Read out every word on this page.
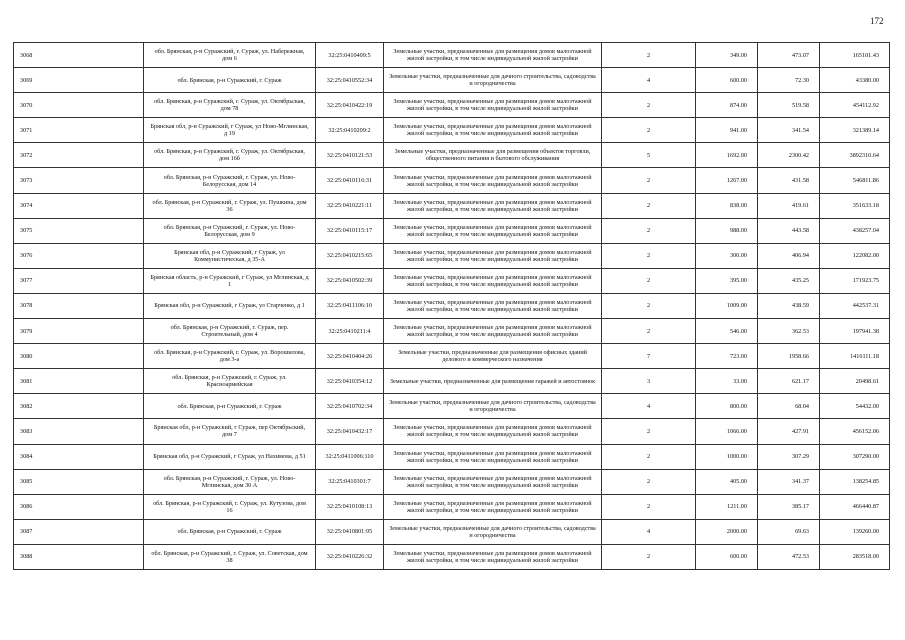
172
3068	обл. Брянская, р-н Суражский, г. Сураж, ул. Набережная, дом 6	32:25:0410409:5	Земельные участки, предназначенные для размещения домов малоэтажной жилой застройки, в том числе индивидуальной жилой застройки	2	349.00	473.07	165101.43
3069	обл. Брянская, р-н Суражский, г. Сураж	32:25:0410552:34	Земельные участки, предназначенные для дачного строительства, садоводства и огородничества	4	600.00	72.30	43380.00
3070	обл. Брянская, р-н Суражский, г. Сураж, ул. Октябрьская, дом 78	32:25:0410422:19	Земельные участки, предназначенные для размещения домов малоэтажной жилой застройки, в том числе индивидуальной жилой застройки	2	874.00	519.58	454112.92
3071	Брянская обл, р-н Суражский, г Сураж, ул Ново-Мглинская, д 19	32:25:0410209:2	Земельные участки, предназначенные для размещения домов малоэтажной жилой застройки, в том числе индивидуальной жилой застройки	2	941.00	341.54	321389.14
3072	обл. Брянская, р-н Суражский, г. Сураж, ул. Октябрьская, дом 16б	32:25:0410121:53	Земельные участки, предназначенные для размещения объектов торговли, общественного питания и бытового обслуживания	5	1692.00	2300.42	3892310.64
3073	обл. Брянская, р-н Суражский, г. Сураж, ул. Ново-Белорусская, дом 14	32:25:0410116:31	Земельные участки, предназначенные для размещения домов малоэтажной жилой застройки, в том числе индивидуальной жилой застройки	2	1267.00	431.58	546811.86
3074	обл. Брянская, р-н Суражский, г. Сураж, ул. Пушкина, дом 36	32:25:0410221:11	Земельные участки, предназначенные для размещения домов малоэтажной жилой застройки, в том числе индивидуальной жилой застройки	2	838.00	419.61	351633.18
3075	обл. Брянская, р-н Суражский, г. Сураж, ул. Ново-Белорусская, дом 9	32:25:0410115:17	Земельные участки, предназначенные для размещения домов малоэтажной жилой застройки, в том числе индивидуальной жилой застройки	2	988.00	443.58	438257.04
3076	Брянская обл, р-н Суражский, г Сураж, ул Коммунистическая, д 35-А	32:25:0410215:65	Земельные участки, предназначенные для размещения домов малоэтажной жилой застройки, в том числе индивидуальной жилой застройки	2	300.00	406.94	122082.00
3077	Брянская область, р-н Суражский, г Сураж, ул Мглинская, д 1	32:25:0410502:39	Земельные участки, предназначенные для размещения домов малоэтажной жилой застройки, в том числе индивидуальной жилой застройки	2	395.00	435.25	171923.75
3078	Брянская обл, р-н Суражский, г Сураж, ул Старченко, д 1	32:25:0411106:10	Земельные участки, предназначенные для размещения домов малоэтажной жилой застройки, в том числе индивидуальной жилой застройки	2	1009.00	438.59	442537.31
3079	обл. Брянская, р-н Суражский, г. Сураж, пер. Строительный, дом 4	32:25:0410211:4	Земельные участки, предназначенные для размещения домов малоэтажной жилой застройки, в том числе индивидуальной жилой застройки	2	546.00	362.53	197941.38
3080	обл. Брянская, р-н Суражский, г. Сураж, ул. Ворошилова, дом 3-а	32:25:0410404:26	Земельные участки, предназначенные для размещения офисных зданий делового и коммерческого назначения	7	723.00	1958.66	1416111.18
3081	обл. Брянская, р-н Суражский, г. Сураж, ул. Красноармейская	32:25:0410354:12	Земельные участки, предназначенные для размещения гаражей и автостоянок	3	33.00	621.17	20498.61
3082	обл. Брянская, р-н Суражский, г. Сураж	32:25:0410702:34	Земельные участки, предназначенные для дачного строительства, садоводства и огородничества	4	800.00	68.04	54432.00
3083	Брянская обл, р-н Суражский, г Сураж, пер Октябрьский, дом 7	32:25:0410432:17	Земельные участки, предназначенные для размещения домов малоэтажной жилой застройки, в том числе индивидуальной жилой застройки	2	1066.00	427.91	456152.06
3084	Брянская обл, р-н Суражский, г Сураж, ул Нахимова, д 51	32:25:0411006:110	Земельные участки, предназначенные для размещения домов малоэтажной жилой застройки, в том числе индивидуальной жилой застройки	2	1000.00	307.29	307290.00
3085	обл. Брянская, р-н Суражский, г. Сураж, ул. Ново-Мглинская, дом 30 А	32:25:0410301:7	Земельные участки, предназначенные для размещения домов малоэтажной жилой застройки, в том числе индивидуальной жилой застройки	2	405.00	341.37	138254.85
3086	обл. Брянская, р-н Суражский, г. Сураж, ул. Кутузова, дом 16	32:25:0410108:13	Земельные участки, предназначенные для размещения домов малоэтажной жилой застройки, в том числе индивидуальной жилой застройки	2	1211.00	385.17	466440.87
3087	обл. Брянская, р-н Суражский, г. Сураж	32:25:0410801:95	Земельные участки, предназначенные для дачного строительства, садоводства и огородничества	4	2000.00	69.63	139260.00
3088	обл. Брянская, р-н Суражский, г. Сураж, ул. Советская, дом 38	32:25:0410226:32	Земельные участки, предназначенные для размещения домов малоэтажной жилой застройки, в том числе индивидуальной жилой застройки	2	600.00	472.53	283518.00
